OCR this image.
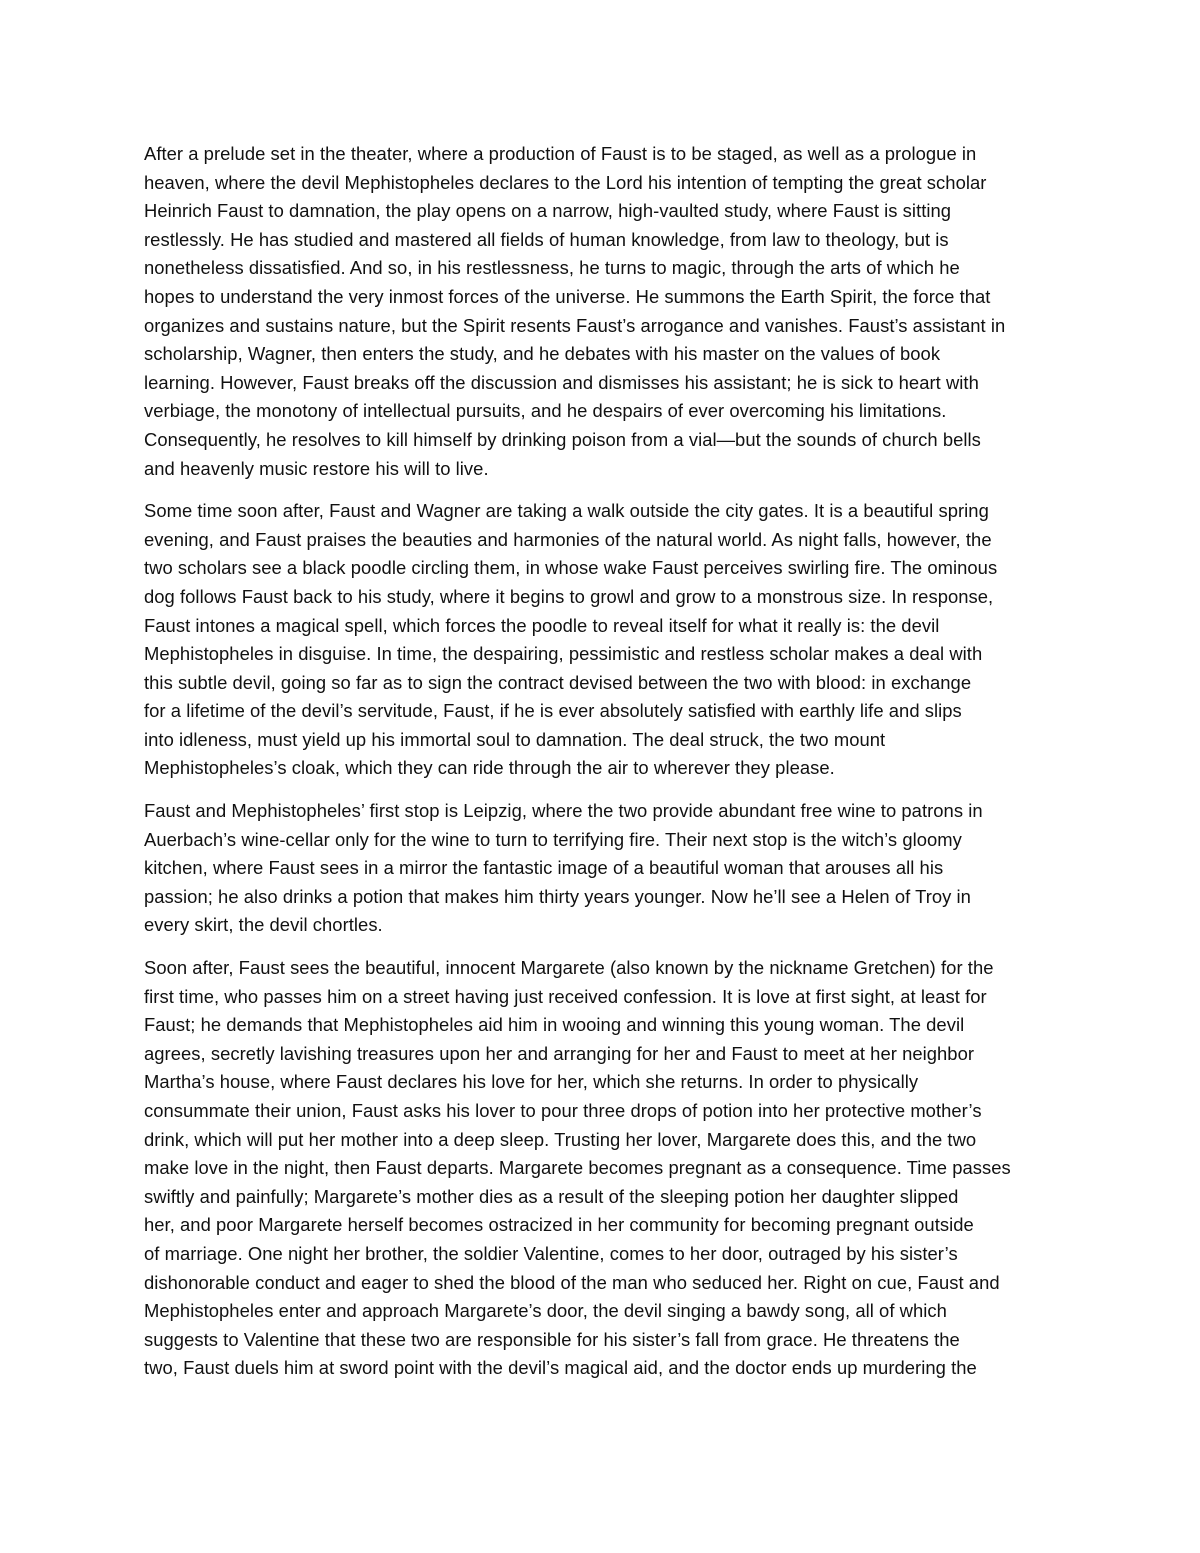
After a prelude set in the theater, where a production of Faust is to be staged, as well as a prologue in
heaven, where the devil Mephistopheles declares to the Lord his intention of tempting the great scholar
Heinrich Faust to damnation, the play opens on a narrow, high-vaulted study, where Faust is sitting
restlessly. He has studied and mastered all fields of human knowledge, from law to theology, but is
nonetheless dissatisfied. And so, in his restlessness, he turns to magic, through the arts of which he
hopes to understand the very inmost forces of the universe. He summons the Earth Spirit, the force that
organizes and sustains nature, but the Spirit resents Faust’s arrogance and vanishes. Faust’s assistant in
scholarship, Wagner, then enters the study, and he debates with his master on the values of book
learning. However, Faust breaks off the discussion and dismisses his assistant; he is sick to heart with
verbiage, the monotony of intellectual pursuits, and he despairs of ever overcoming his limitations.
Consequently, he resolves to kill himself by drinking poison from a vial—but the sounds of church bells
and heavenly music restore his will to live.

Some time soon after, Faust and Wagner are taking a walk outside the city gates. It is a beautiful spring
evening, and Faust praises the beauties and harmonies of the natural world. As night falls, however, the
two scholars see a black poodle circling them, in whose wake Faust perceives swirling fire. The ominous
dog follows Faust back to his study, where it begins to growl and grow to a monstrous size. In response,
Faust intones a magical spell, which forces the poodle to reveal itself for what it really is: the devil
Mephistopheles in disguise. In time, the despairing, pessimistic and restless scholar makes a deal with
this subtle devil, going so far as to sign the contract devised between the two with blood: in exchange
for a lifetime of the devil’s servitude, Faust, if he is ever absolutely satisfied with earthly life and slips
into idleness, must yield up his immortal soul to damnation. The deal struck, the two mount
Mephistopheles’s cloak, which they can ride through the air to wherever they please.

Faust and Mephistopheles’ first stop is Leipzig, where the two provide abundant free wine to patrons in
Auerbach’s wine-cellar only for the wine to turn to terrifying fire. Their next stop is the witch’s gloomy
kitchen, where Faust sees in a mirror the fantastic image of a beautiful woman that arouses all his
passion; he also drinks a potion that makes him thirty years younger. Now he’ll see a Helen of Troy in
every skirt, the devil chortles.

Soon after, Faust sees the beautiful, innocent Margarete (also known by the nickname Gretchen) for the
first time, who passes him on a street having just received confession. It is love at first sight, at least for
Faust; he demands that Mephistopheles aid him in wooing and winning this young woman. The devil
agrees, secretly lavishing treasures upon her and arranging for her and Faust to meet at her neighbor
Martha’s house, where Faust declares his love for her, which she returns. In order to physically
consummate their union, Faust asks his lover to pour three drops of potion into her protective mother’s
drink, which will put her mother into a deep sleep. Trusting her lover, Margarete does this, and the two
make love in the night, then Faust departs. Margarete becomes pregnant as a consequence. Time passes
swiftly and painfully; Margarete’s mother dies as a result of the sleeping potion her daughter slipped
her, and poor Margarete herself becomes ostracized in her community for becoming pregnant outside
of marriage. One night her brother, the soldier Valentine, comes to her door, outraged by his sister’s
dishonorable conduct and eager to shed the blood of the man who seduced her. Right on cue, Faust and
Mephistopheles enter and approach Margarete’s door, the devil singing a bawdy song, all of which
suggests to Valentine that these two are responsible for his sister’s fall from grace. He threatens the
two, Faust duels him at sword point with the devil’s magical aid, and the doctor ends up murdering the
